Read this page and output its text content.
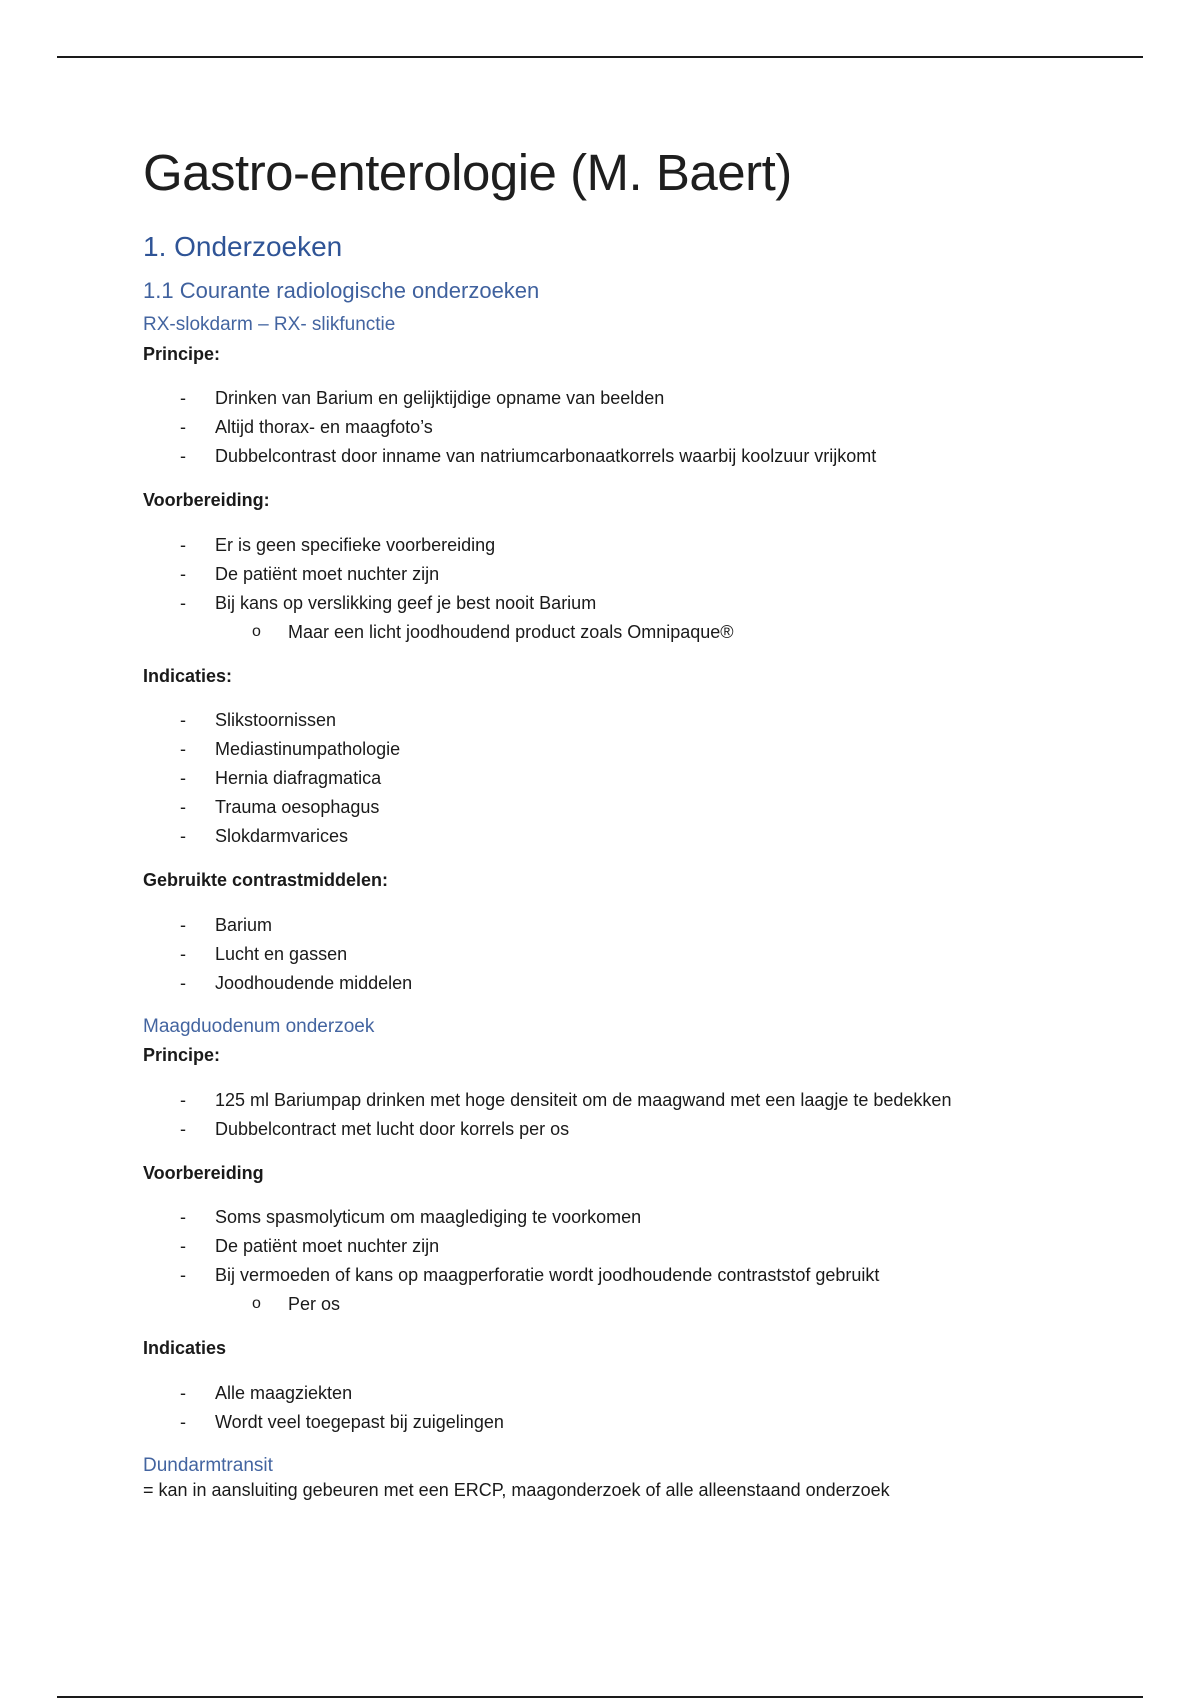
Gastro-enterologie (M. Baert)
1. Onderzoeken
1.1 Courante radiologische onderzoeken
RX-slokdarm – RX- slikfunctie
Principe:
- Drinken van Barium en gelijktijdige opname van beelden
- Altijd thorax- en maagfoto’s
- Dubbelcontrast door inname van natriumcarbonaatkorrels waarbij koolzuur vrijkomt
Voorbereiding:
- Er is geen specifieke voorbereiding
- De patiënt moet nuchter zijn
- Bij kans op verslikking geef je best nooit Barium
o Maar een licht joodhoudend product zoals Omnipaque®
Indicaties:
- Slikstoornissen
- Mediastinumpathologie
- Hernia diafragmatica
- Trauma oesophagus
- Slokdarmvarices
Gebruikte contrastmiddelen:
- Barium
- Lucht en gassen
- Joodhoudende middelen
Maagduodenum onderzoek
Principe:
- 125 ml Bariumpap drinken met hoge densiteit om de maagwand met een laagje te bedekken
- Dubbelcontract met lucht door korrels per os
Voorbereiding
- Soms spasmolyticum om maaglediging te voorkomen
- De patiënt moet nuchter zijn
- Bij vermoeden of kans op maagperforatie wordt joodhoudende contraststof gebruikt
o Per os
Indicaties
- Alle maagziekten
- Wordt veel toegepast bij zuigelingen
Dundarmtransit
= kan in aansluiting gebeuren met een ERCP, maagonderzoek of alle alleenstaand onderzoek
